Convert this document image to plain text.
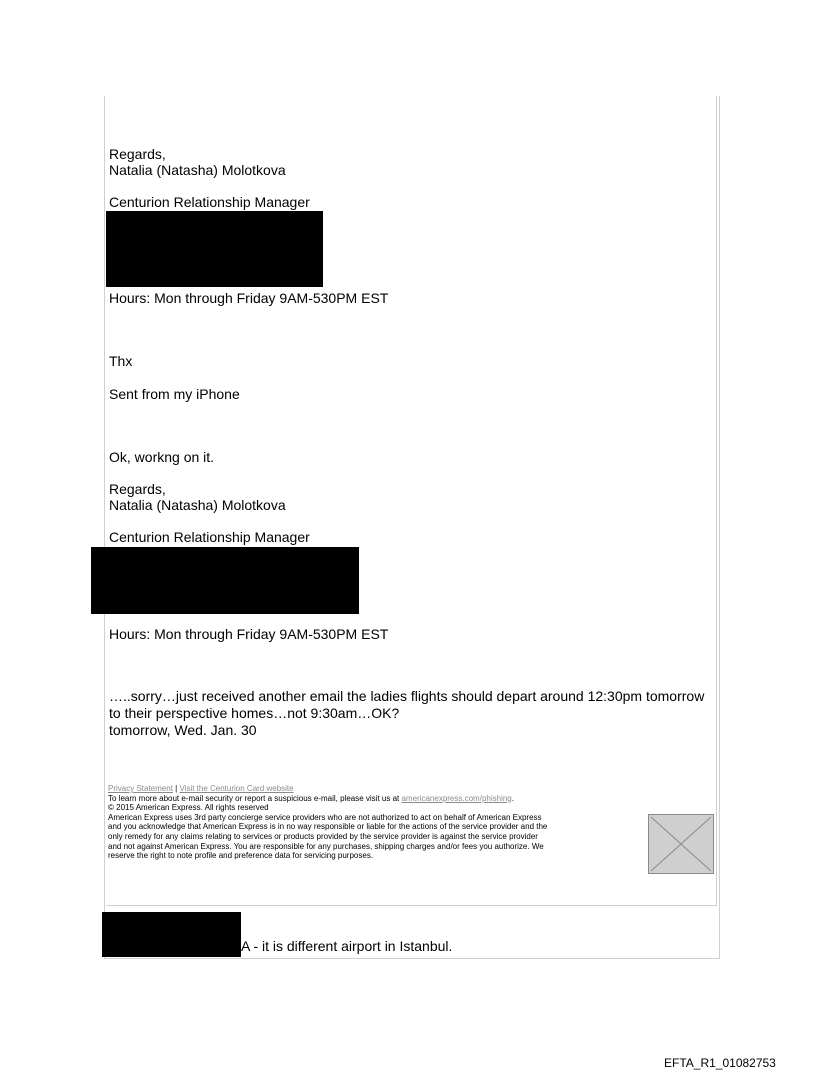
Regards,
Natalia (Natasha) Molotkova
Centurion Relationship Manager
Hours: Mon through Friday 9AM-530PM EST
Thx
Sent from my iPhone
Ok, workng on it.
Regards,
Natalia (Natasha) Molotkova
Centurion Relationship Manager
Hours: Mon through Friday 9AM-530PM EST
…..sorry…just received another email the ladies flights should depart around 12:30pm tomorrow
to their perspective homes…not 9:30am…OK?
tomorrow, Wed. Jan. 30
Privacy Statement | Visit the Centurion Card website
To learn more about e-mail security or report a suspicious e-mail, please visit us at americanexpress.com/phishing.
© 2015 American Express. All rights reserved
American Express uses 3rd party concierge service providers who are not authorized to act on behalf of American Express
and you acknowledge that American Express is in no way responsible or liable for the actions of the service provider and the
only remedy for any claims relating to services or products provided by the service provider is against the service provider
and not against American Express. You are responsible for any purchases, shipping charges and/or fees you authorize. We
reserve the right to note profile and preference data for servicing purposes.
A - it is different airport in Istanbul.
EFTA_R1_01082753
